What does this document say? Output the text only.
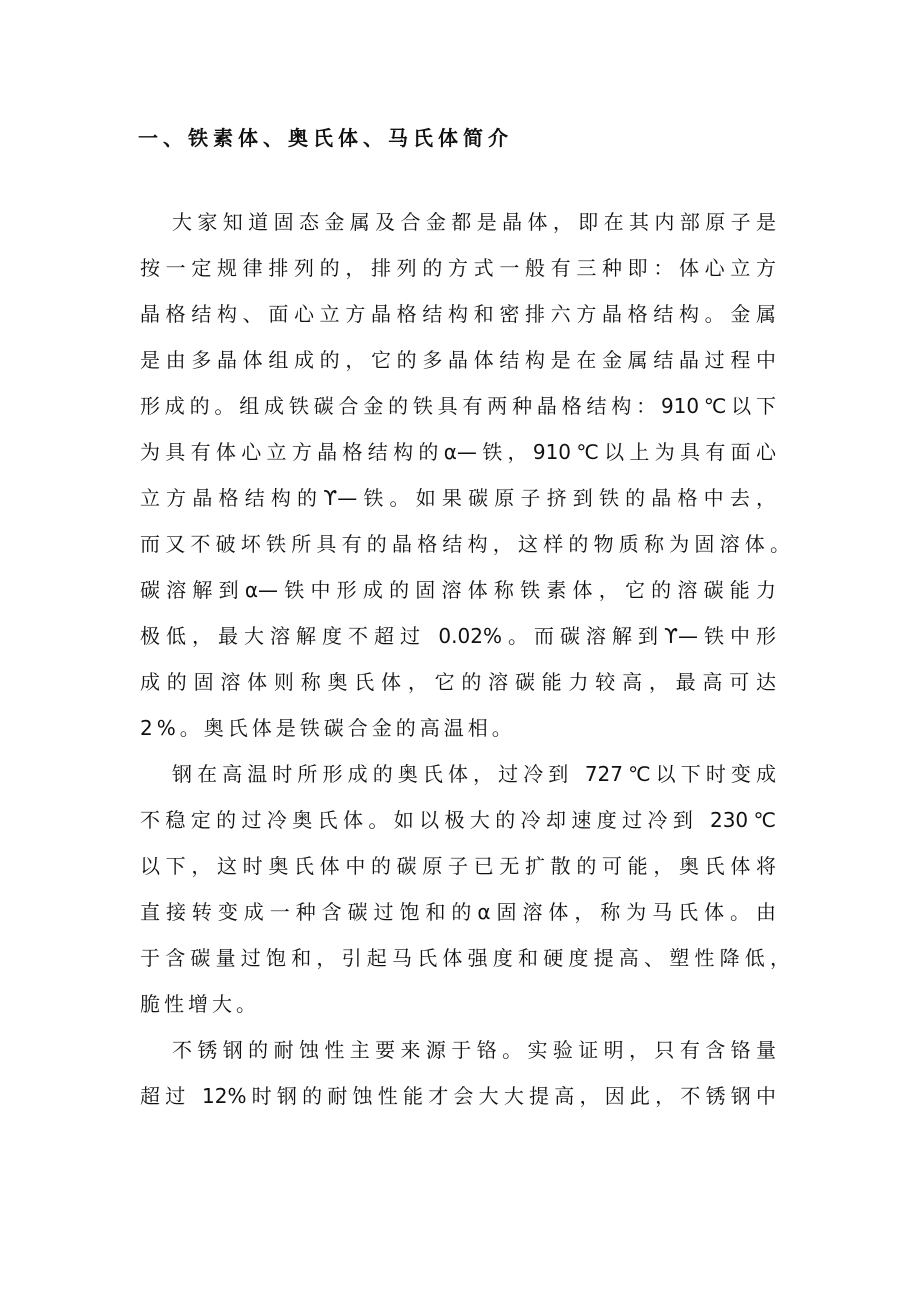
一、铁素体、奥氏体、马氏体简介
大家知道固态金属及合金都是晶体，即在其内部原子是
按一定规律排列的，排列的方式一般有三种即：体心立方
晶格结构、面心立方晶格结构和密排六方晶格结构。金属
是由多晶体组成的，它的多晶体结构是在金属结晶过程中
形成的。组成铁碳合金的铁具有两种晶格结构：910℃以下
为具有体心立方晶格结构的α—铁，910℃以上为具有面心
立方晶格结构的ϒ—铁。如果碳原子挤到铁的晶格中去，
而又不破坏铁所具有的晶格结构，这样的物质称为固溶体。
碳溶解到α—铁中形成的固溶体称铁素体，它的溶碳能力
极低，最大溶解度不超过 0.02%。而碳溶解到ϒ—铁中形
成的固溶体则称奥氏体，它的溶碳能力较高，最高可达
2%。奥氏体是铁碳合金的高温相。
钢在高温时所形成的奥氏体，过冷到 727℃以下时变成
不稳定的过冷奥氏体。如以极大的冷却速度过冷到 230℃
以下，这时奥氏体中的碳原子已无扩散的可能，奥氏体将
直接转变成一种含碳过饱和的α固溶体，称为马氏体。由
于含碳量过饱和，引起马氏体强度和硬度提高、塑性降低，
脆性增大。
不锈钢的耐蚀性主要来源于铬。实验证明，只有含铬量
超过 12%时钢的耐蚀性能才会大大提高，因此，不锈钢中
